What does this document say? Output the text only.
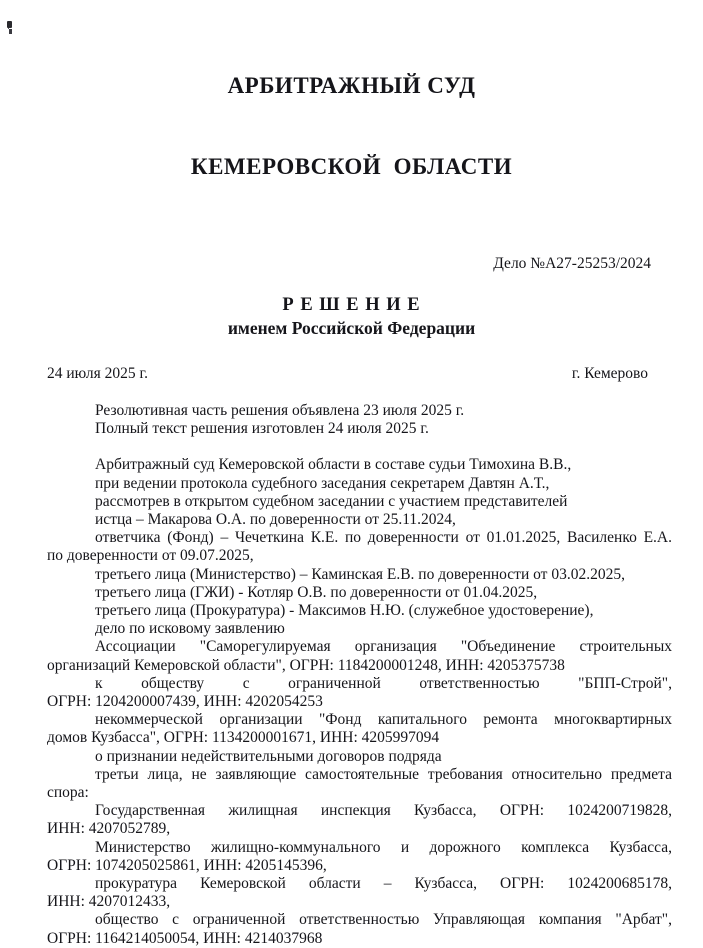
АРБИТРАЖНЫЙ СУД

КЕМЕРОВСКОЙ  ОБЛАСТИ

Дело №А27-25253/2024
Р Е Ш Е Н И Е
именем Российской Федерации
24 июля 2025 г.	г. Кемерово
Резолютивная часть решения объявлена 23 июля 2025 г.
Полный текст решения изготовлен 24 июля 2025 г.
Арбитражный суд Кемеровской области в составе судьи Тимохина В.В.,
при ведении протокола судебного заседания секретарем Давтян А.Т.,
рассмотрев в открытом судебном заседании с участием представителей
истца – Макарова О.А. по доверенности от 25.11.2024,
ответчика (Фонд) – Чечеткина К.Е. по доверенности от 01.01.2025, Василенко Е.А.
по доверенности от 09.07.2025,
третьего лица (Министерство) – Каминская Е.В. по доверенности от 03.02.2025,
третьего лица (ГЖИ) - Котляр О.В. по доверенности от 01.04.2025,
третьего лица (Прокуратура) - Максимов Н.Ю. (служебное удостоверение),
дело по исковому заявлению
Ассоциации "Саморегулируемая организация "Объединение строительных
организаций Кемеровской области", ОГРН: 1184200001248, ИНН: 4205375738
к обществу с ограниченной ответственностью "БПП-Строй",
ОГРН: 1204200007439, ИНН: 4202054253
некоммерческой организации "Фонд капитального ремонта многоквартирных
домов Кузбасса", ОГРН: 1134200001671, ИНН: 4205997094
о признании недействительными договоров подряда
третьи лица, не заявляющие самостоятельные требования относительно предмета
спора:
Государственная жилищная инспекция Кузбасса, ОГРН: 1024200719828,
ИНН: 4207052789,
Министерство жилищно-коммунального и дорожного комплекса Кузбасса,
ОГРН: 1074205025861, ИНН: 4205145396,
прокуратура Кемеровской области – Кузбасса, ОГРН: 1024200685178,
ИНН: 4207012433,
общество с ограниченной ответственностью Управляющая компания "Арбат",
ОГРН: 1164214050054, ИНН: 4214037968
